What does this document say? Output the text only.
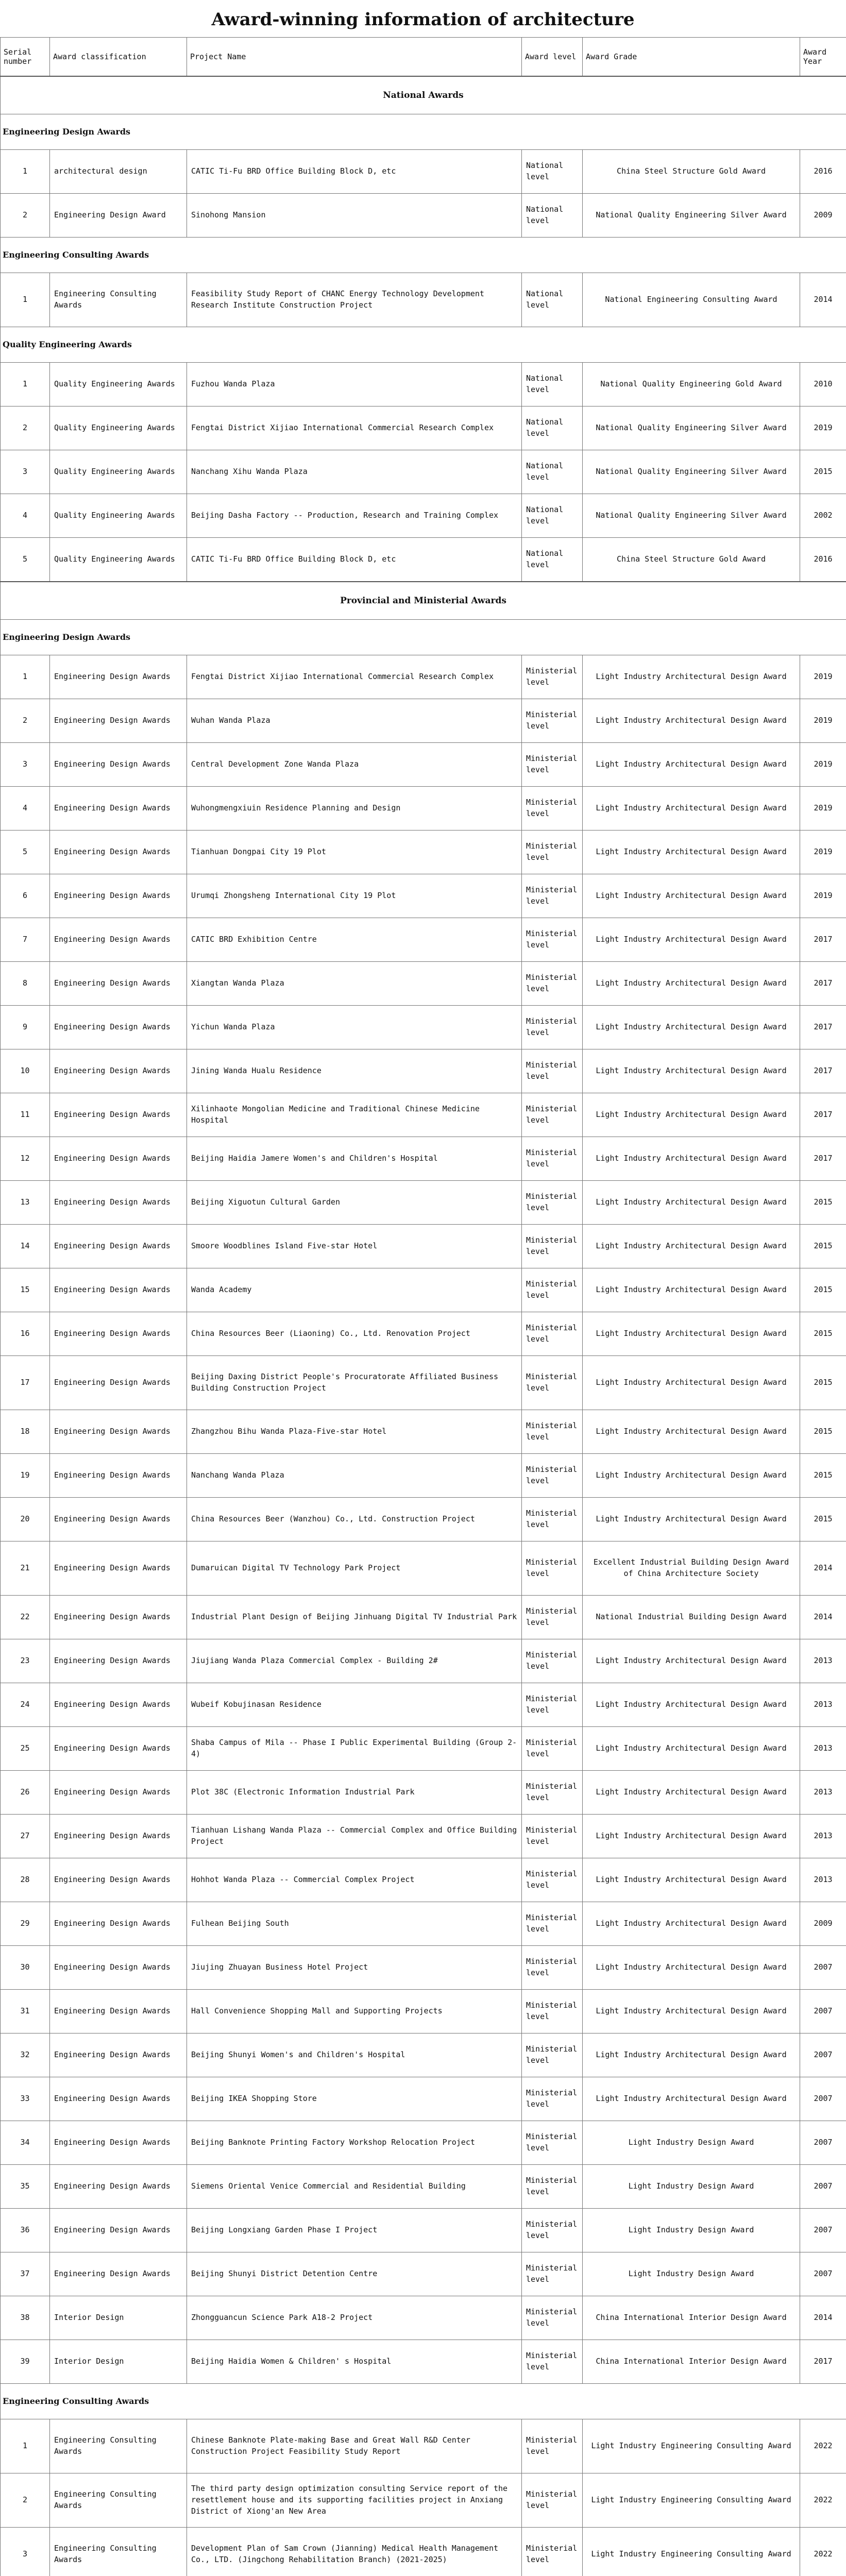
Award-winning information of architecture
Serial number	Award classification	Project Name	Award level	Award Grade	Award Year
National Awards					
Engineering Design Awards					
1	architectural design	CATIC Ti-Fu BRD Office Building Block D, etc	National level	China Steel Structure Gold Award	2016
2	Engineering Design Award	Sinohong Mansion	National level	National Quality Engineering Silver Award	2009
Engineering Consulting Awards					
1	Engineering Consulting Awards	Feasibility Study Report of CHANC Energy Technology Development Research Institute Construction Project	National level	National Engineering Consulting Award	2014
Quality Engineering Awards					
1	Quality Engineering Awards	Fuzhou Wanda Plaza	National level	National Quality Engineering Gold Award	2010
2	Quality Engineering Awards	Fengtai District Xijiao International Commercial Research Complex	National level	National Quality Engineering Silver Award	2019
3	Quality Engineering Awards	Nanchang Xihu Wanda Plaza	National level	National Quality Engineering Silver Award	2015
4	Quality Engineering Awards	Beijing Dasha Factory -- Production, Research and Training Complex	National level	National Quality Engineering Silver Award	2002
5	Quality Engineering Awards	CATIC Ti-Fu BRD Office Building Block D, etc	National level	China Steel Structure Gold Award	2016
Provincial and Ministerial Awards					
Engineering Design Awards					
1	Engineering Design Awards	Fengtai District Xijiao International Commercial Research Complex	Ministerial level	Light Industry Architectural Design Award	2019
2	Engineering Design Awards	Wuhan Wanda Plaza	Ministerial level	Light Industry Architectural Design Award	2019
3	Engineering Design Awards	Central Development Zone Wanda Plaza	Ministerial level	Light Industry Architectural Design Award	2019
4	Engineering Design Awards	Wuhongmengxiuin Residence Planning and Design	Ministerial level	Light Industry Architectural Design Award	2019
5	Engineering Design Awards	Tianhuan Dongpai City 19 Plot	Ministerial level	Light Industry Architectural Design Award	2019
6	Engineering Design Awards	Urumqi Zhongsheng International City 19 Plot	Ministerial level	Light Industry Architectural Design Award	2019
7	Engineering Design Awards	CATIC BRD Exhibition Centre	Ministerial level	Light Industry Architectural Design Award	2017
8	Engineering Design Awards	Xiangtan Wanda Plaza	Ministerial level	Light Industry Architectural Design Award	2017
9	Engineering Design Awards	Yichun Wanda Plaza	Ministerial level	Light Industry Architectural Design Award	2017
10	Engineering Design Awards	Jining Wanda Hualu Residence	Ministerial level	Light Industry Architectural Design Award	2017
11	Engineering Design Awards	Xilinhaote Mongolian Medicine and Traditional Chinese Medicine Hospital	Ministerial level	Light Industry Architectural Design Award	2017
12	Engineering Design Awards	Beijing Haidia Jamere Women's and Children's Hospital	Ministerial level	Light Industry Architectural Design Award	2017
13	Engineering Design Awards	Beijing Xiguotun Cultural Garden	Ministerial level	Light Industry Architectural Design Award	2015
14	Engineering Design Awards	Smoore Woodblines Island Five-star Hotel	Ministerial level	Light Industry Architectural Design Award	2015
15	Engineering Design Awards	Wanda Academy	Ministerial level	Light Industry Architectural Design Award	2015
16	Engineering Design Awards	China Resources Beer (Liaoning) Co., Ltd. Renovation Project	Ministerial level	Light Industry Architectural Design Award	2015
17	Engineering Design Awards	Beijing Daxing District People's Procuratorate Affiliated Business Building Construction Project	Ministerial level	Light Industry Architectural Design Award	2015
18	Engineering Design Awards	Zhangzhou Bihu Wanda Plaza-Five-star Hotel	Ministerial level	Light Industry Architectural Design Award	2015
19	Engineering Design Awards	Nanchang Wanda Plaza	Ministerial level	Light Industry Architectural Design Award	2015
20	Engineering Design Awards	China Resources Beer (Wanzhou) Co., Ltd. Construction Project	Ministerial level	Light Industry Architectural Design Award	2015
21	Engineering Design Awards	Dumaruican Digital TV Technology Park Project	Ministerial level	Excellent Industrial Building Design Award of China Architecture Society	2014
22	Engineering Design Awards	Industrial Plant Design of Beijing Jinhuang Digital TV Industrial Park	Ministerial level	National Industrial Building Design Award	2014
23	Engineering Design Awards	Jiujiang Wanda Plaza Commercial Complex - Building 2#	Ministerial level	Light Industry Architectural Design Award	2013
24	Engineering Design Awards	Wubeif Kobujinasan Residence	Ministerial level	Light Industry Architectural Design Award	2013
25	Engineering Design Awards	Shaba Campus of Mila -- Phase I Public Experimental Building (Group 2-4)	Ministerial level	Light Industry Architectural Design Award	2013
26	Engineering Design Awards	Plot 38C (Electronic Information Industrial Park	Ministerial level	Light Industry Architectural Design Award	2013
27	Engineering Design Awards	Tianhuan Lishang Wanda Plaza -- Commercial Complex and Office Building Project	Ministerial level	Light Industry Architectural Design Award	2013
28	Engineering Design Awards	Hohhot Wanda Plaza -- Commercial Complex Project	Ministerial level	Light Industry Architectural Design Award	2013
29	Engineering Design Awards	Fulhean Beijing South	Ministerial level	Light Industry Architectural Design Award	2009
30	Engineering Design Awards	Jiujing Zhuayan Business Hotel Project	Ministerial level	Light Industry Architectural Design Award	2007
31	Engineering Design Awards	Hall Convenience Shopping Mall and Supporting Projects	Ministerial level	Light Industry Architectural Design Award	2007
32	Engineering Design Awards	Beijing Shunyi Women's and Children's Hospital	Ministerial level	Light Industry Architectural Design Award	2007
33	Engineering Design Awards	Beijing IKEA Shopping Store	Ministerial level	Light Industry Architectural Design Award	2007
34	Engineering Design Awards	Beijing Banknote Printing Factory Workshop Relocation Project	Ministerial level	Light Industry Design Award	2007
35	Engineering Design Awards	Siemens Oriental Venice Commercial and Residential Building	Ministerial level	Light Industry Design Award	2007
36	Engineering Design Awards	Beijing Longxiang Garden Phase I Project	Ministerial level	Light Industry Design Award	2007
37	Engineering Design Awards	Beijing Shunyi District Detention Centre	Ministerial level	Light Industry Design Award	2007
38	Interior Design	Zhongguancun Science Park A18-2 Project	Ministerial level	China International Interior Design Award	2014
39	Interior Design	Beijing Haidia Women & Children' s Hospital	Ministerial level	China International Interior Design Award	2017
Engineering Consulting Awards					
1	Engineering Consulting Awards	Chinese Banknote Plate-making Base and Great Wall R&D Center Construction Project Feasibility Study Report	Ministerial level	Light Industry Engineering Consulting Award	2022
2	Engineering Consulting Awards	The third party design optimization consulting Service report of the resettlement house and its supporting facilities project in Anxiang District of Xiong'an New Area	Ministerial level	Light Industry Engineering Consulting Award	2022
3	Engineering Consulting Awards	Development Plan of Sam Crown (Jianning) Medical Health Management Co., LTD. (Jingchong Rehabilitation Branch) (2021-2025)	Ministerial level	Light Industry Engineering Consulting Award	2022
